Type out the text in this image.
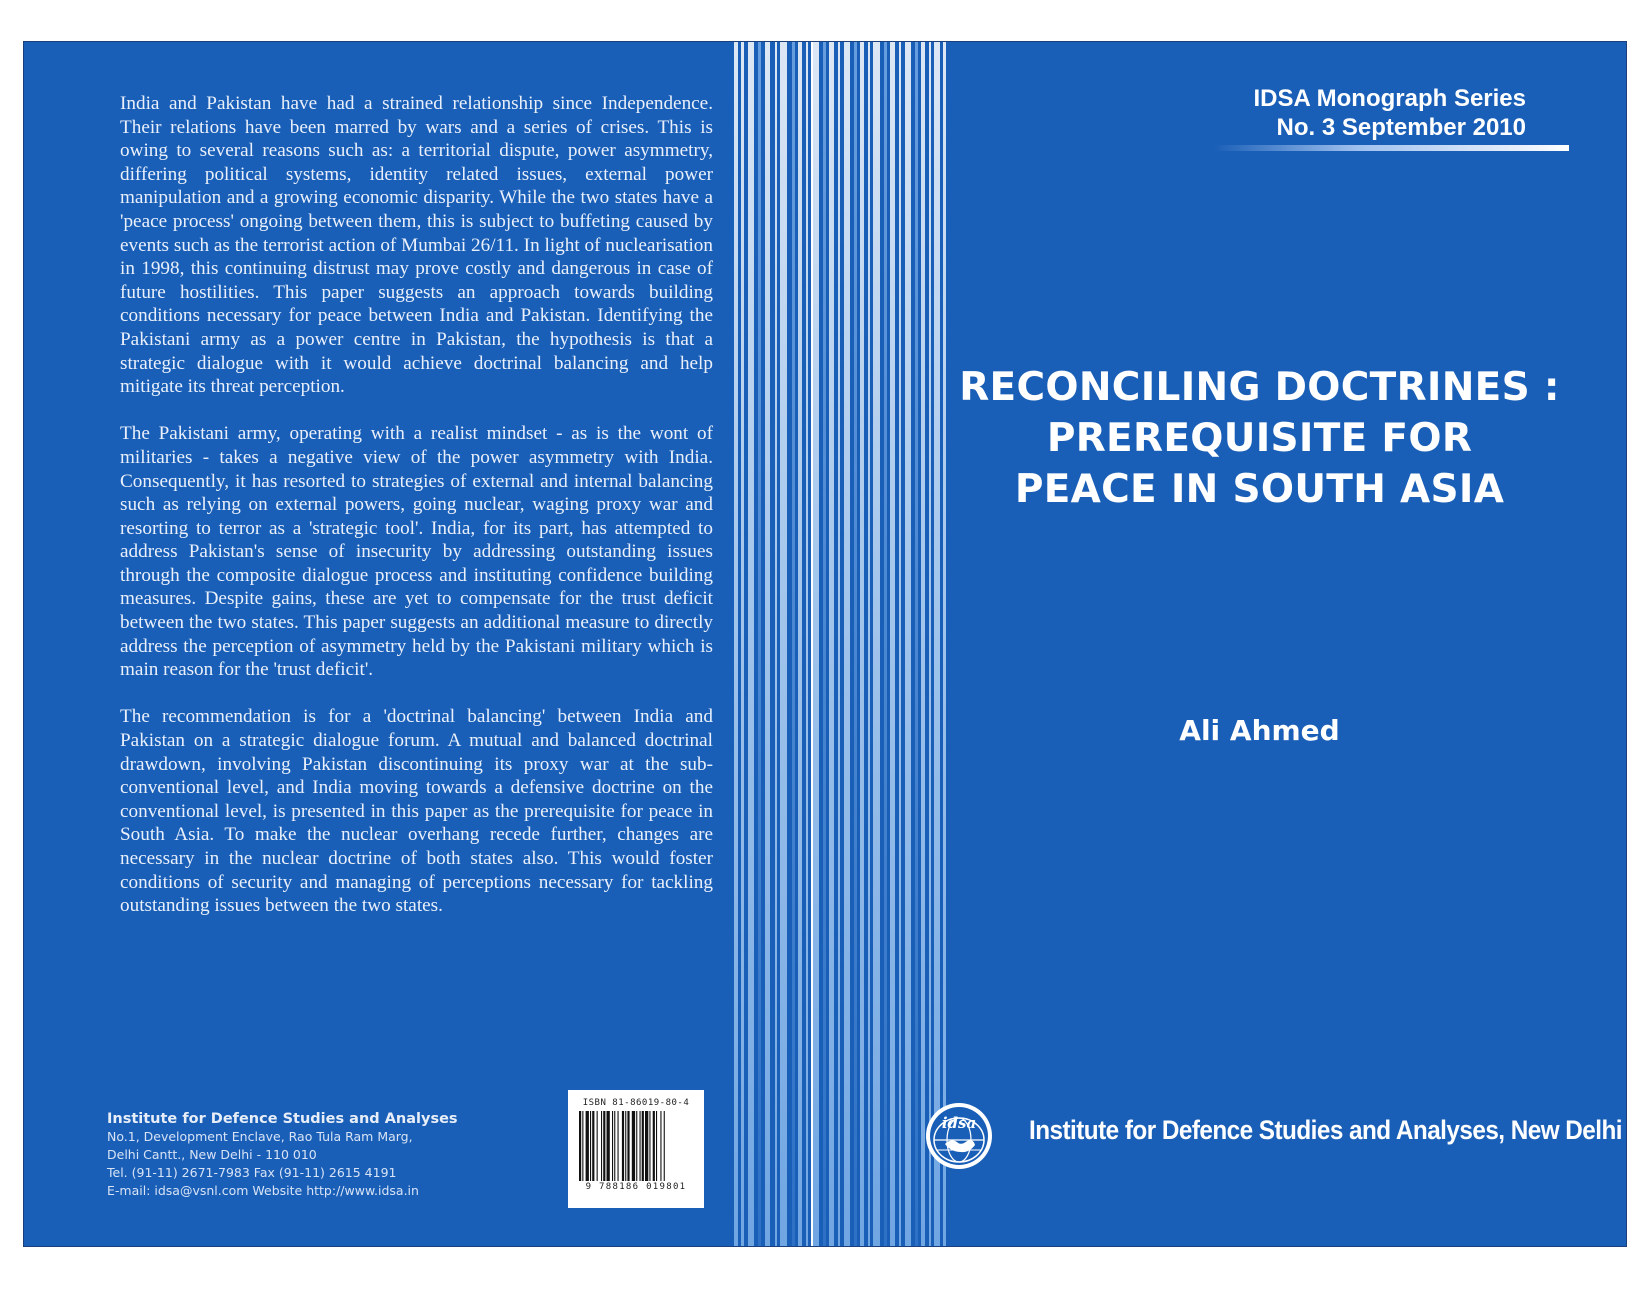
India and Pakistan have had a strained relationship since Independence. Their relations have been marred by wars and a series of crises. This is owing to several reasons such as: a territorial dispute, power asymmetry, differing political systems, identity related issues, external power manipulation and a growing economic disparity. While the two states have a 'peace process' ongoing between them, this is subject to buffeting caused by events such as the terrorist action of Mumbai 26/11. In light of nuclearisation in 1998, this continuing distrust may prove costly and dangerous in case of future hostilities. This paper suggests an approach towards building conditions necessary for peace between India and Pakistan. Identifying the Pakistani army as a power centre in Pakistan, the hypothesis is that a strategic dialogue with it would achieve doctrinal balancing and help mitigate its threat perception.

The Pakistani army, operating with a realist mindset - as is the wont of militaries - takes a negative view of the power asymmetry with India. Consequently, it has resorted to strategies of external and internal balancing such as relying on external powers, going nuclear, waging proxy war and resorting to terror as a 'strategic tool'. India, for its part, has attempted to address Pakistan's sense of insecurity by addressing outstanding issues through the composite dialogue process and instituting confidence building measures. Despite gains, these are yet to compensate for the trust deficit between the two states. This paper suggests an additional measure to directly address the perception of asymmetry held by the Pakistani military which is main reason for the 'trust deficit'.

The recommendation is for a 'doctrinal balancing' between India and Pakistan on a strategic dialogue forum. A mutual and balanced doctrinal drawdown, involving Pakistan discontinuing its proxy war at the sub-conventional level, and India moving towards a defensive doctrine on the conventional level, is presented in this paper as the prerequisite for peace in South Asia. To make the nuclear overhang recede further, changes are necessary in the nuclear doctrine of both states also. This would foster conditions of security and managing of perceptions necessary for tackling outstanding issues between the two states.

Institute for Defence Studies and Analyses
No.1, Development Enclave, Rao Tula Ram Marg,
Delhi Cantt., New Delhi - 110 010
Tel. (91-11) 2671-7983 Fax (91-11) 2615 4191
E-mail: idsa@vsnl.com Website http://www.idsa.in
ISBN 81-86019-80-4
9 788186 019801
IDSA Monograph Series
No. 3 September 2010
RECONCILING DOCTRINES :
PREREQUISITE FOR
PEACE IN SOUTH ASIA
Ali Ahmed
idsa Institute for Defence Studies and Analyses, New Delhi
